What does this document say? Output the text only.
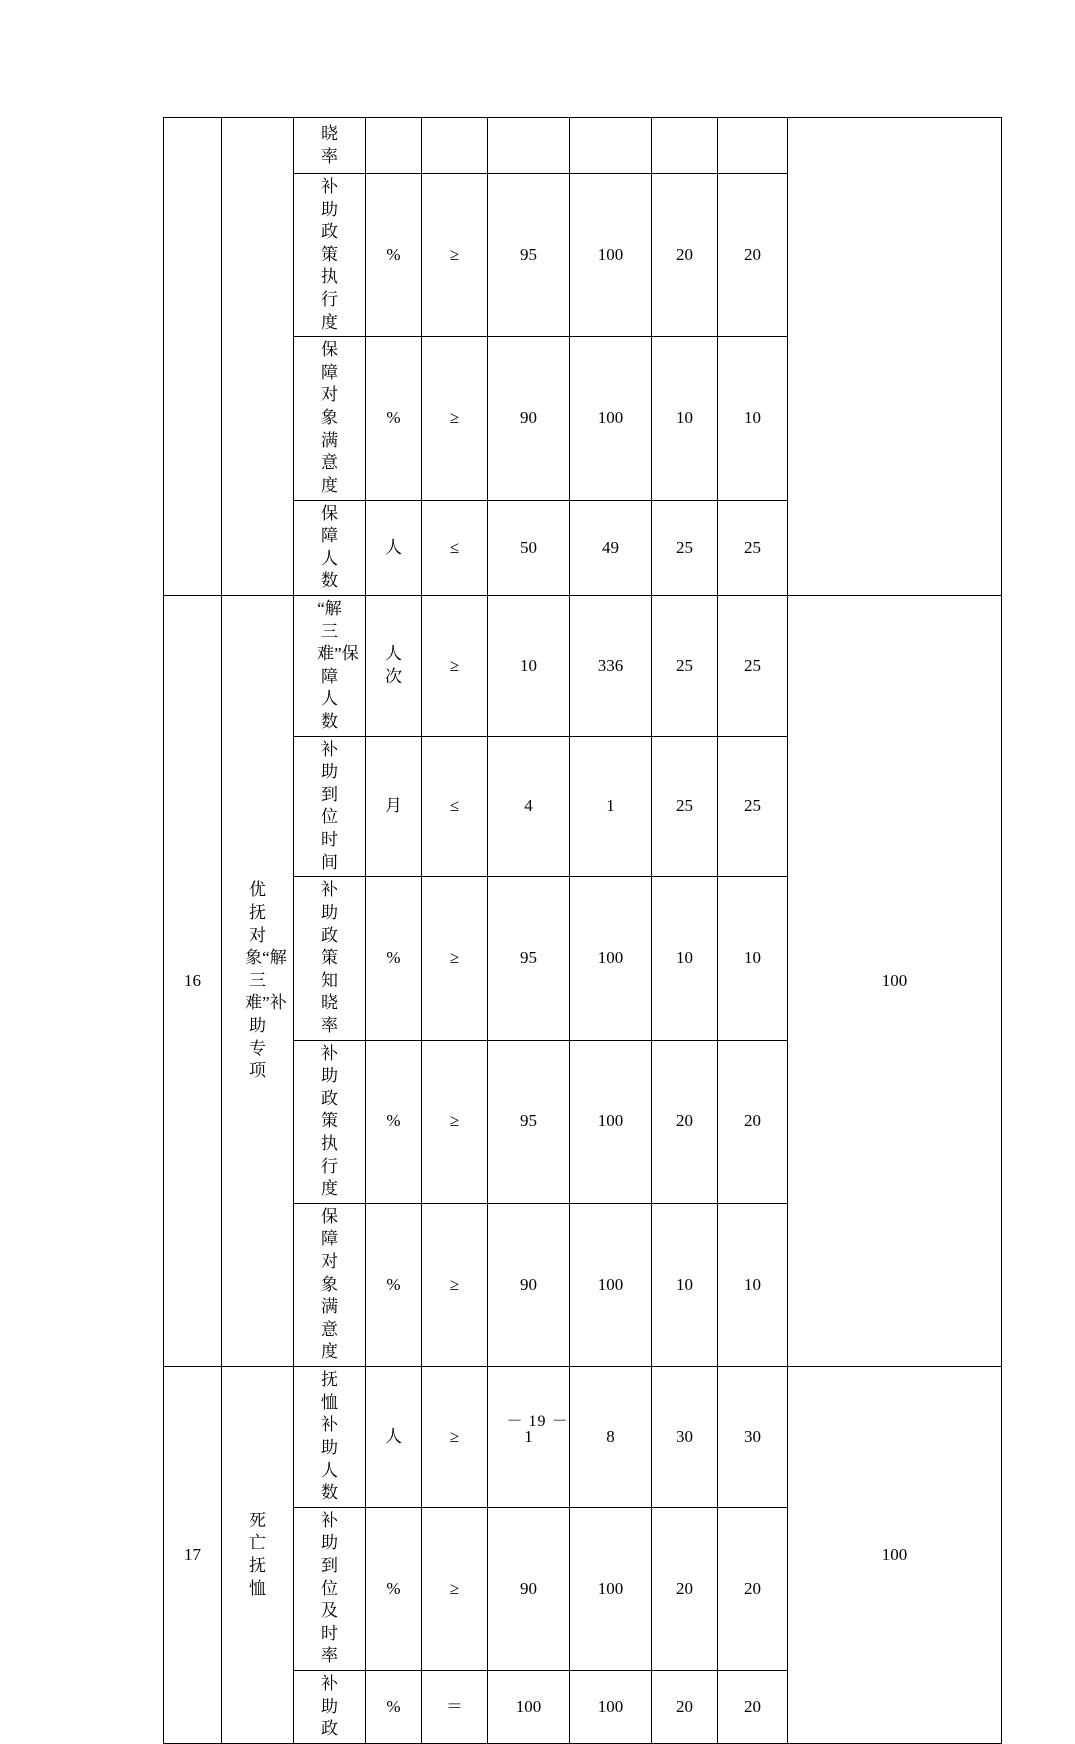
		晓率							

		补助政策执行度	%	≥	95	100	20	20	

		保障对象满意度	%	≥	90	100	10	10	

		保障人数	人	≤	50	49	25	25	
16	优抚对象“解三难”补助专项	“解三难”保障人数	人次	≥	10	336	25	25	100

		补助到位时间	月	≤	4	1	25	25	

		补助政策知晓率	%	≥	95	100	10	10	

		补助政策执行度	%	≥	95	100	20	20	

		保障对象满意度	%	≥	90	100	10	10	
17	死亡抚恤	抚恤补助人数	人	≥	1	8	30	30	100

		补助到位及时率	%	≥	90	100	20	20	

		补助政	%	＝	100	100	20	20	
－ 19 －
